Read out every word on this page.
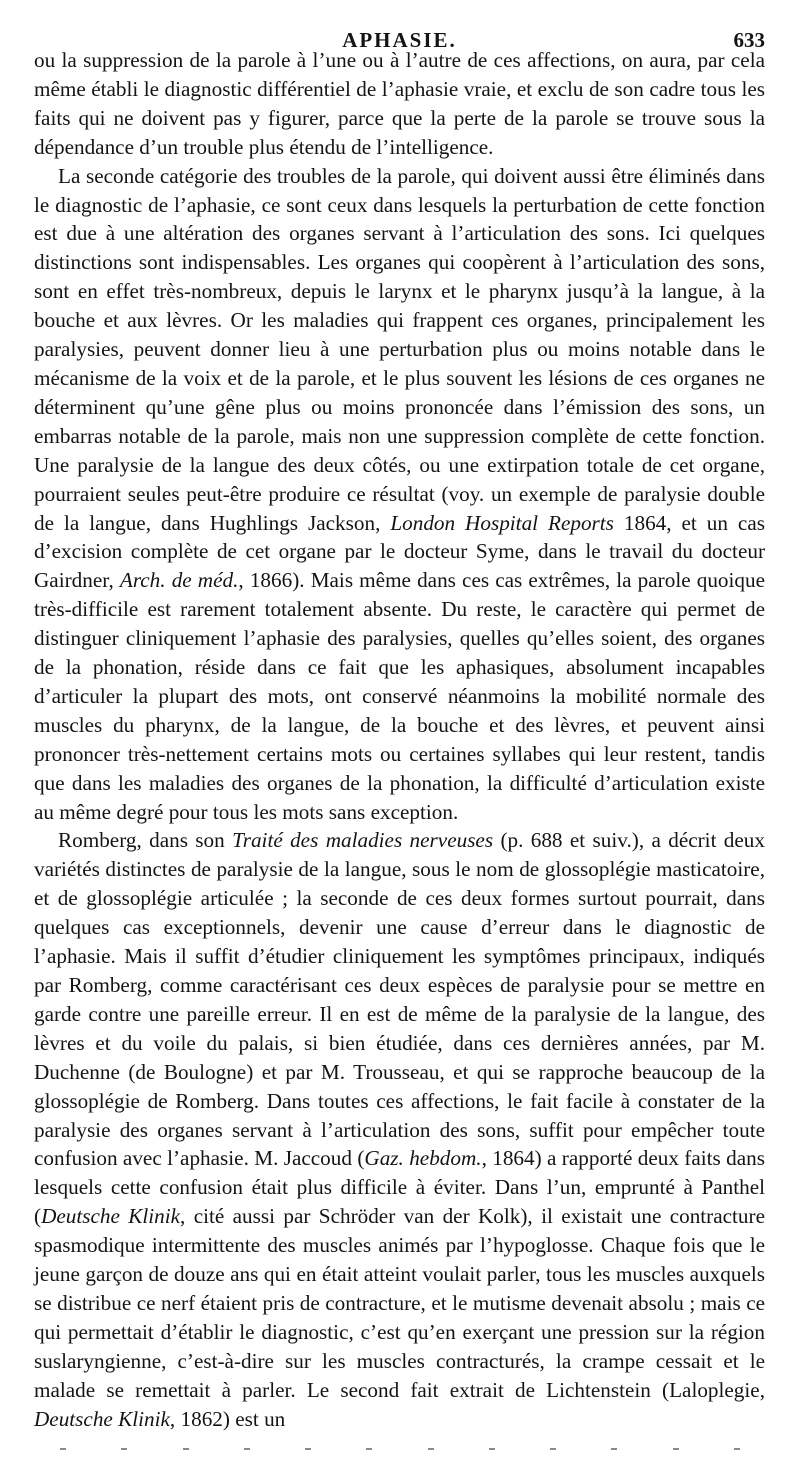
APHASIE.	633

ou la suppression de la parole à l’une ou à l’autre de ces affections, on aura, par cela même établi le diagnostic différentiel de l’aphasie vraie, et exclu de son cadre tous les faits qui ne doivent pas y figurer, parce que la perte de la parole se trouve sous la dépendance d’un trouble plus étendu de l’intelligence.

La seconde catégorie des troubles de la parole, qui doivent aussi être éliminés dans le diagnostic de l’aphasie, ce sont ceux dans lesquels la perturbation de cette fonction est due à une altération des organes servant à l’articulation des sons. Ici quelques distinctions sont indispensables. Les organes qui coopèrent à l’articulation des sons, sont en effet très-nombreux, depuis le larynx et le pharynx jusqu’à la langue, à la bouche et aux lèvres. Or les maladies qui frappent ces organes, principalement les paralysies, peuvent donner lieu à une perturbation plus ou moins notable dans le mécanisme de la voix et de la parole, et le plus souvent les lésions de ces organes ne déterminent qu’une gêne plus ou moins prononcée dans l’émission des sons, un embarras notable de la parole, mais non une suppression complète de cette fonction. Une paralysie de la langue des deux côtés, ou une extirpation totale de cet organe, pourraient seules peut-être produire ce résultat (voy. un exemple de paralysie double de la langue, dans Hughlings Jackson, London Hospital Reports 1864, et un cas d’excision complète de cet organe par le docteur Syme, dans le travail du docteur Gairdner, Arch. de méd., 1866). Mais même dans ces cas extrêmes, la parole quoique très-difficile est rarement totalement absente. Du reste, le caractère qui permet de distinguer cliniquement l’aphasie des paralysies, quelles qu’elles soient, des organes de la phonation, réside dans ce fait que les aphasiques, absolument incapables d’articuler la plupart des mots, ont conservé néanmoins la mobilité normale des muscles du pharynx, de la langue, de la bouche et des lèvres, et peuvent ainsi prononcer très-nettement certains mots ou certaines syllabes qui leur restent, tandis que dans les maladies des organes de la phonation, la difficulté d’articulation existe au même degré pour tous les mots sans exception.

Romberg, dans son Traité des maladies nerveuses (p. 688 et suiv.), a décrit deux variétés distinctes de paralysie de la langue, sous le nom de glossoplégie masticatoire, et de glossoplégie articulée ; la seconde de ces deux formes surtout pourrait, dans quelques cas exceptionnels, devenir une cause d’erreur dans le diagnostic de l’aphasie. Mais il suffit d’étudier cliniquement les symptômes principaux, indiqués par Romberg, comme caractérisant ces deux espèces de paralysie pour se mettre en garde contre une pareille erreur. Il en est de même de la paralysie de la langue, des lèvres et du voile du palais, si bien étudiée, dans ces dernières années, par M. Duchenne (de Boulogne) et par M. Trousseau, et qui se rapproche beaucoup de la glossoplégie de Romberg. Dans toutes ces affections, le fait facile à constater de la paralysie des organes servant à l’articulation des sons, suffit pour empêcher toute confusion avec l’aphasie. M. Jaccoud (Gaz. hebdom., 1864) a rapporté deux faits dans lesquels cette confusion était plus difficile à éviter. Dans l’un, emprunté à Panthel (Deutsche Klinik, cité aussi par Schröder van der Kolk), il existait une contracture spasmodique intermittente des muscles animés par l’hypoglosse. Chaque fois que le jeune garçon de douze ans qui en était atteint voulait parler, tous les muscles auxquels se distribue ce nerf étaient pris de contracture, et le mutisme devenait absolu ; mais ce qui permettait d’établir le diagnostic, c’est qu’en exerçant une pression sur la région suslaryngienne, c’est-à-dire sur les muscles contracturés, la crampe cessait et le malade se remettait à parler. Le second fait extrait de Lichtenstein (Laloplegie, Deutsche Klinik, 1862) est un
